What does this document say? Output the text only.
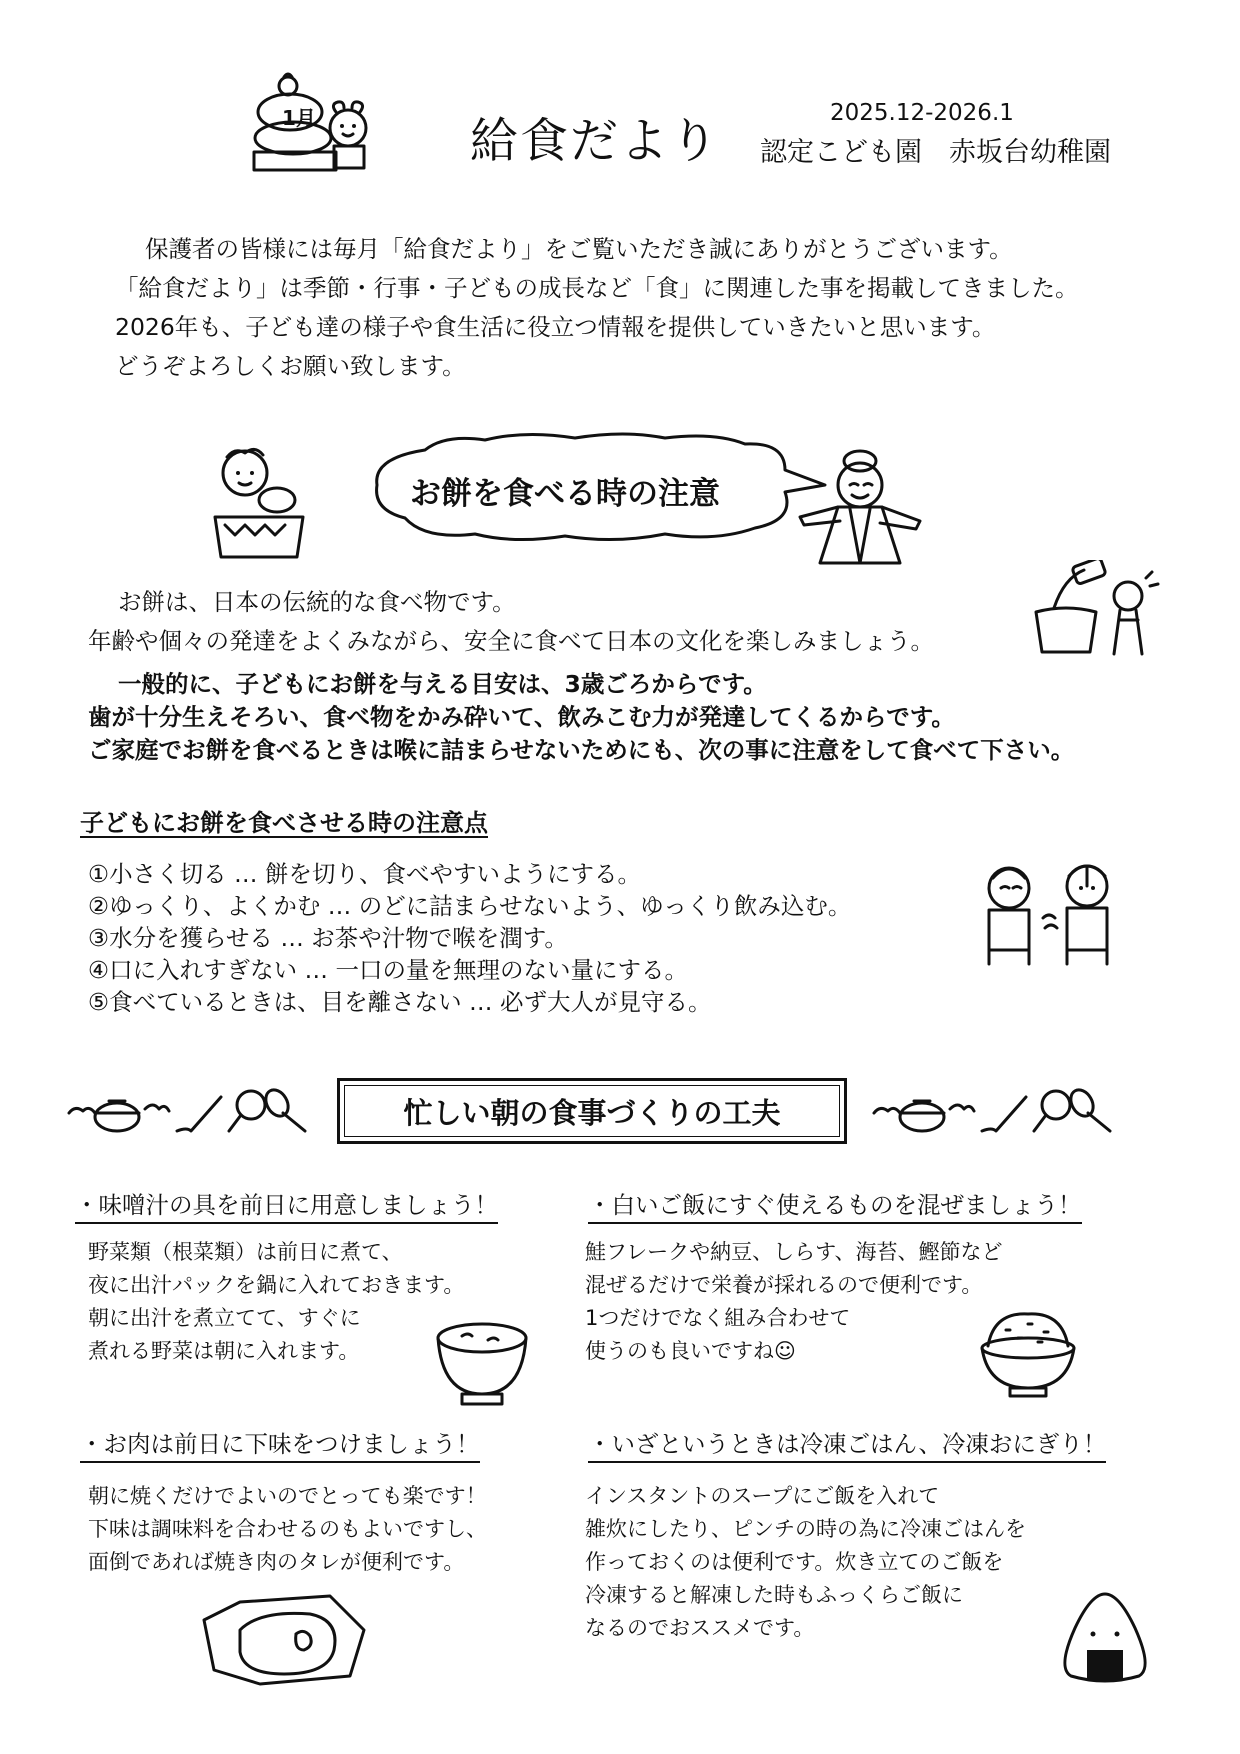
1月	給食だより	2025.12-2026.1
認定こども園　赤坂台幼稚園
保護者の皆様には毎月「給食だより」をご覧いただき誠にありがとうございます。
「給食だより」は季節・行事・子どもの成長など「食」に関連した事を掲載してきました。
2026年も、子ども達の様子や食生活に役立つ情報を提供していきたいと思います。
どうぞよろしくお願い致します。
お餅を食べる時の注意
お餅は、日本の伝統的な食べ物です。
年齢や個々の発達をよくみながら、安全に食べて日本の文化を楽しみましょう。
一般的に、子どもにお餅を与える目安は、3歳ごろからです。
歯が十分生えそろい、食べ物をかみ砕いて、飲みこむ力が発達してくるからです。
ご家庭でお餅を食べるときは喉に詰まらせないためにも、次の事に注意をして食べて下さい。
子どもにお餅を食べさせる時の注意点
①小さく切る … 餅を切り、食べやすいようにする。
②ゆっくり、よくかむ … のどに詰まらせないよう、ゆっくり飲み込む。
③水分を獲らせる … お茶や汁物で喉を潤す。
④口に入れすぎない … 一口の量を無理のない量にする。
⑤食べているときは、目を離さない … 必ず大人が見守る。
忙しい朝の食事づくりの工夫
・味噌汁の具を前日に用意しましょう！
野菜類（根菜類）は前日に煮て、
夜に出汁パックを鍋に入れておきます。
朝に出汁を煮立てて、すぐに
煮れる野菜は朝に入れます。
・白いご飯にすぐ使えるものを混ぜましょう！
鮭フレークや納豆、しらす、海苔、鰹節など
混ぜるだけで栄養が採れるので便利です。
1つだけでなく組み合わせて
使うのも良いですね☺
・お肉は前日に下味をつけましょう！
朝に焼くだけでよいのでとっても楽です！
下味は調味料を合わせるのもよいですし、
面倒であれば焼き肉のタレが便利です。
・いざというときは冷凍ごはん、冷凍おにぎり！
インスタントのスープにご飯を入れて
雑炊にしたり、ピンチの時の為に冷凍ごはんを
作っておくのは便利です。炊き立てのご飯を
冷凍すると解凍した時もふっくらご飯に
なるのでおススメです。
